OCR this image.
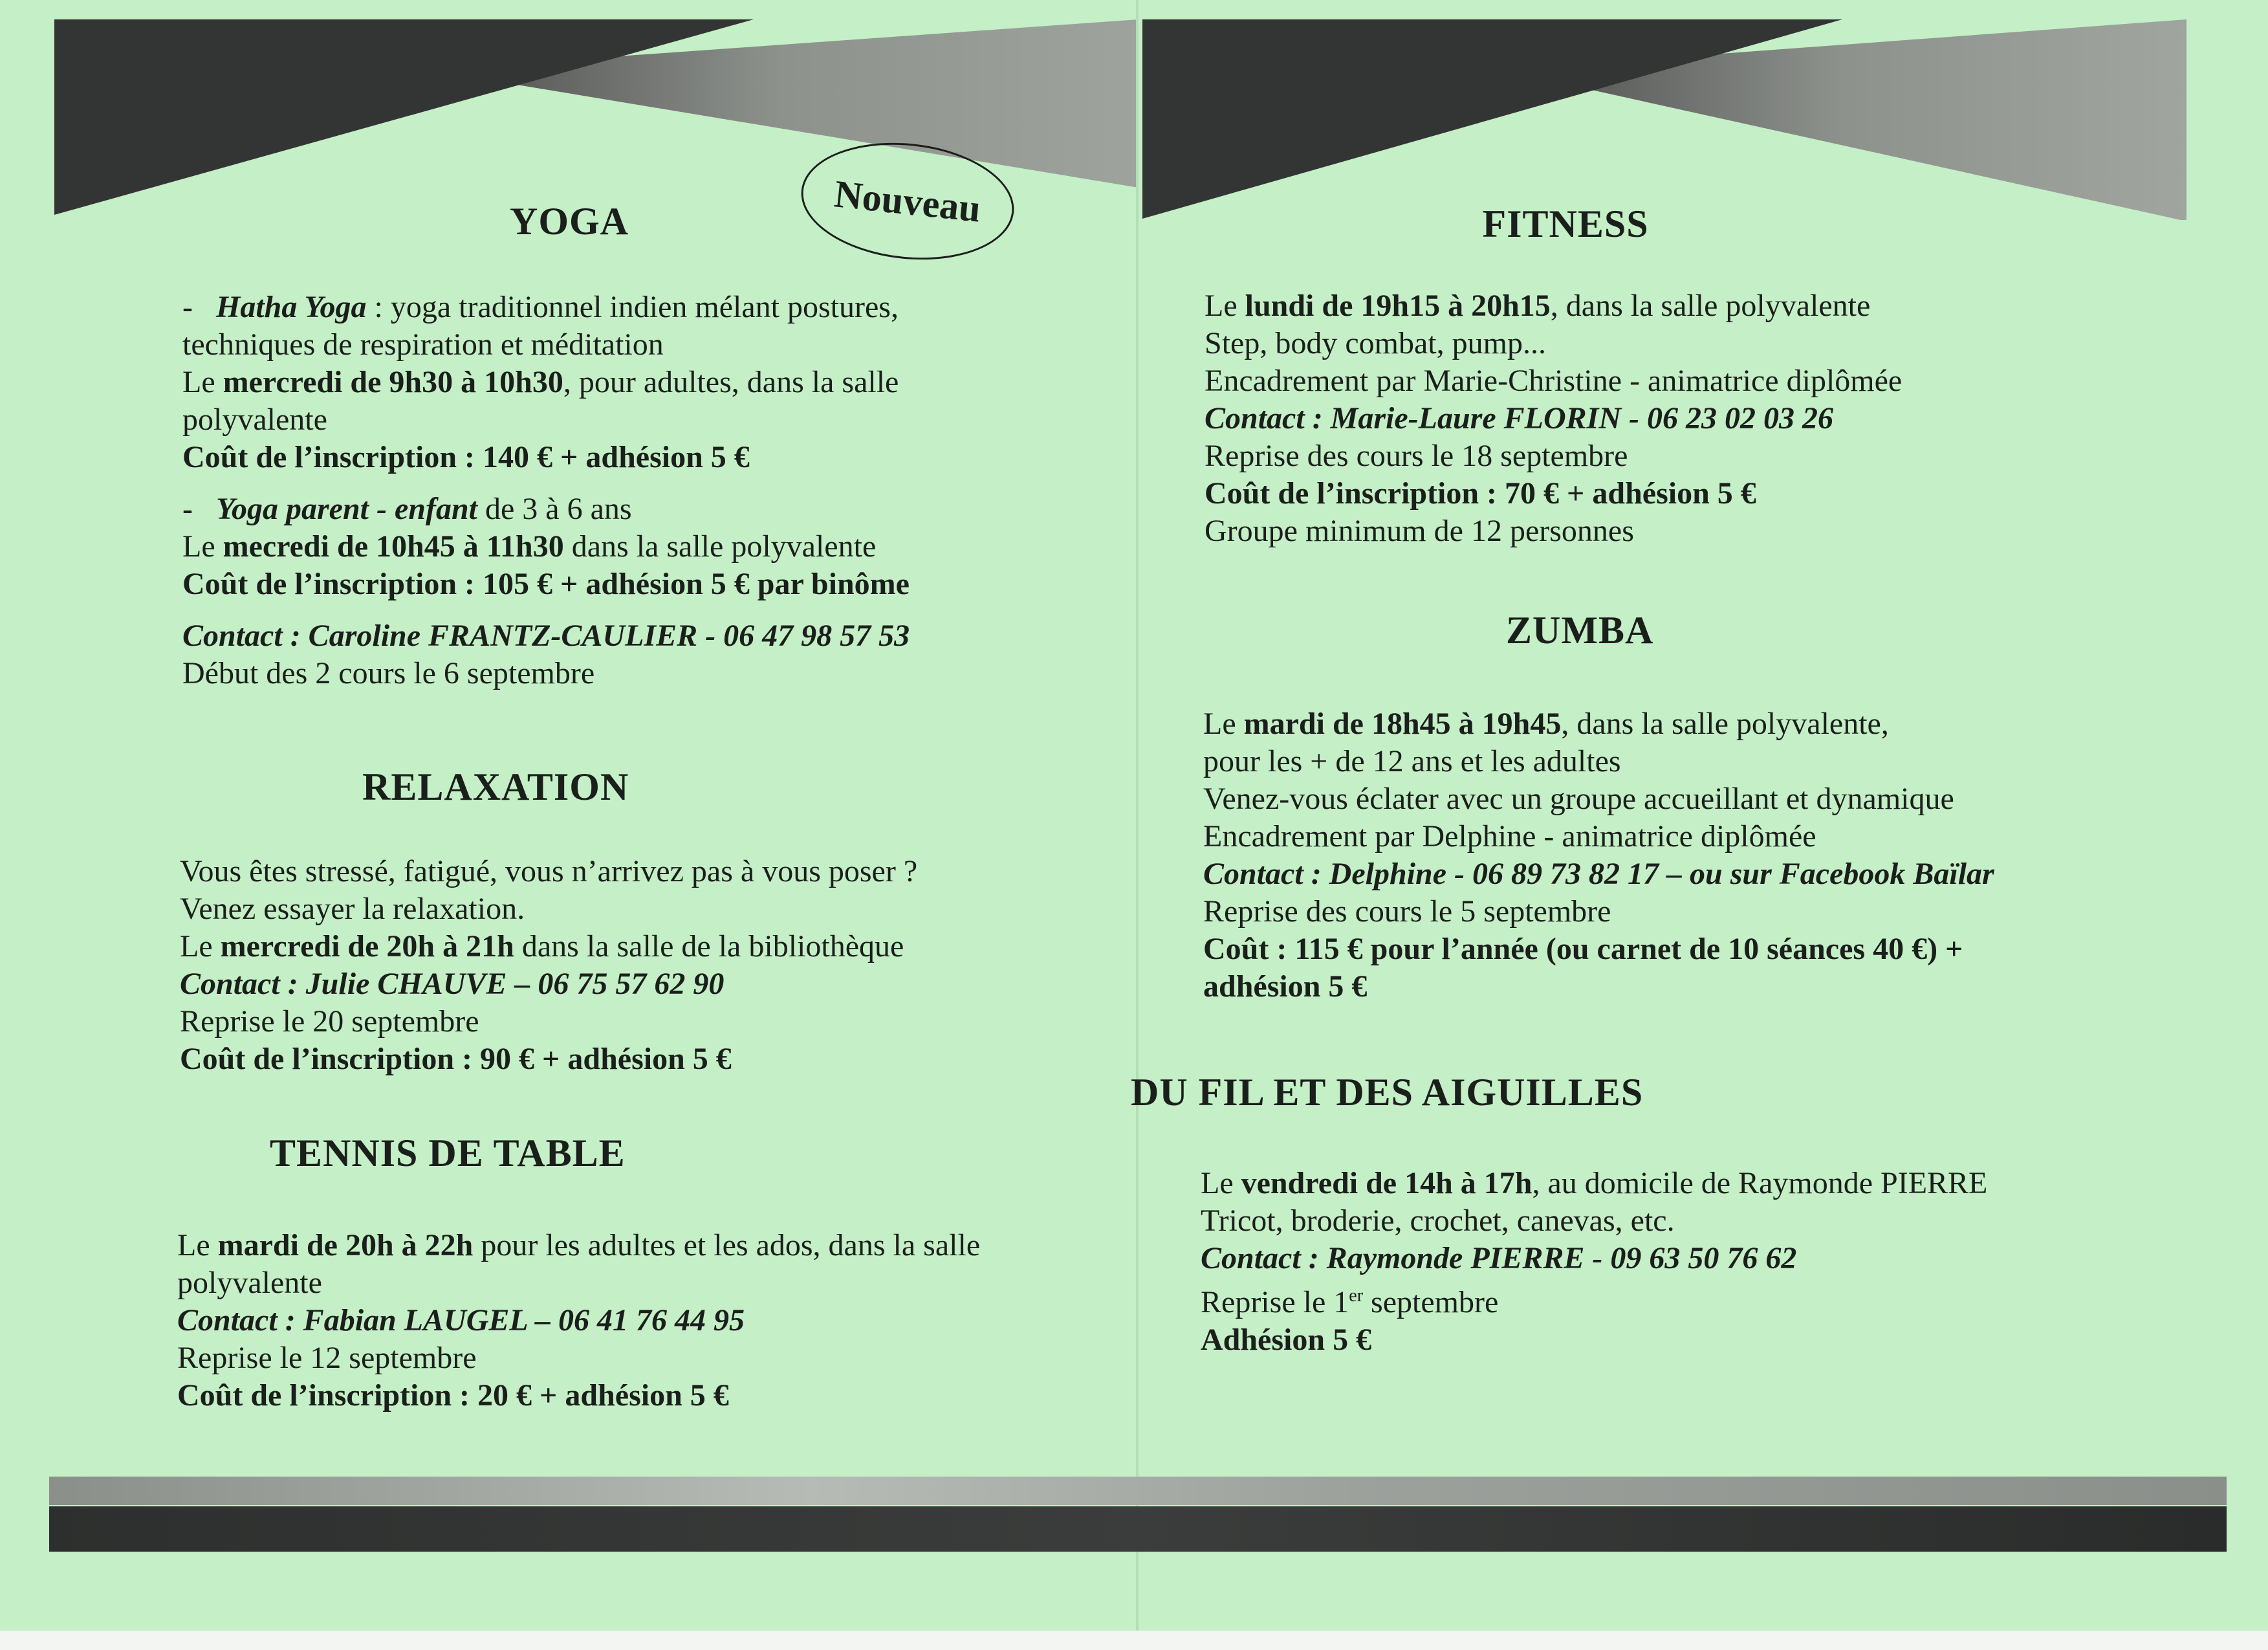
Nouveau
YOGA
- Hatha Yoga : yoga traditionnel indien mélant postures,
techniques de respiration et méditation
Le mercredi de 9h30 à 10h30, pour adultes, dans la salle
polyvalente
Coût de l’inscription : 140 € + adhésion 5 €
- Yoga parent - enfant de 3 à 6 ans
Le mecredi de 10h45 à 11h30 dans la salle polyvalente
Coût de l’inscription : 105 € + adhésion 5 € par binôme
Contact : Caroline FRANTZ-CAULIER - 06 47 98 57 53
Début des 2 cours le 6 septembre
RELAXATION
Vous êtes stressé, fatigué, vous n’arrivez pas à vous poser ?
Venez essayer la relaxation.
Le mercredi de 20h à 21h dans la salle de la bibliothèque
Contact : Julie CHAUVE – 06 75 57 62 90
Reprise le 20 septembre
Coût de l’inscription : 90 € + adhésion 5 €
TENNIS DE TABLE
Le mardi de 20h à 22h pour les adultes et les ados, dans la salle
polyvalente
Contact : Fabian LAUGEL – 06 41 76 44 95
Reprise le 12 septembre
Coût de l’inscription : 20 € + adhésion 5 €
FITNESS
Le lundi de 19h15 à 20h15, dans la salle polyvalente
Step, body combat, pump...
Encadrement par Marie-Christine - animatrice diplômée
Contact : Marie-Laure FLORIN - 06 23 02 03 26
Reprise des cours le 18 septembre
Coût de l’inscription : 70 € + adhésion 5 €
Groupe minimum de 12 personnes
ZUMBA
Le mardi de 18h45 à 19h45, dans la salle polyvalente,
pour les + de 12 ans et les adultes
Venez-vous éclater avec un groupe accueillant et dynamique
Encadrement par Delphine - animatrice diplômée
Contact : Delphine - 06 89 73 82 17 – ou sur Facebook Baïlar
Reprise des cours le 5 septembre
Coût : 115 € pour l’année (ou carnet de 10 séances 40 €) +
adhésion 5 €
DU FIL ET DES AIGUILLES
Le vendredi de 14h à 17h, au domicile de Raymonde PIERRE
Tricot, broderie, crochet, canevas, etc.
Contact : Raymonde PIERRE - 09 63 50 76 62
Reprise le 1er septembre
Adhésion 5 €
